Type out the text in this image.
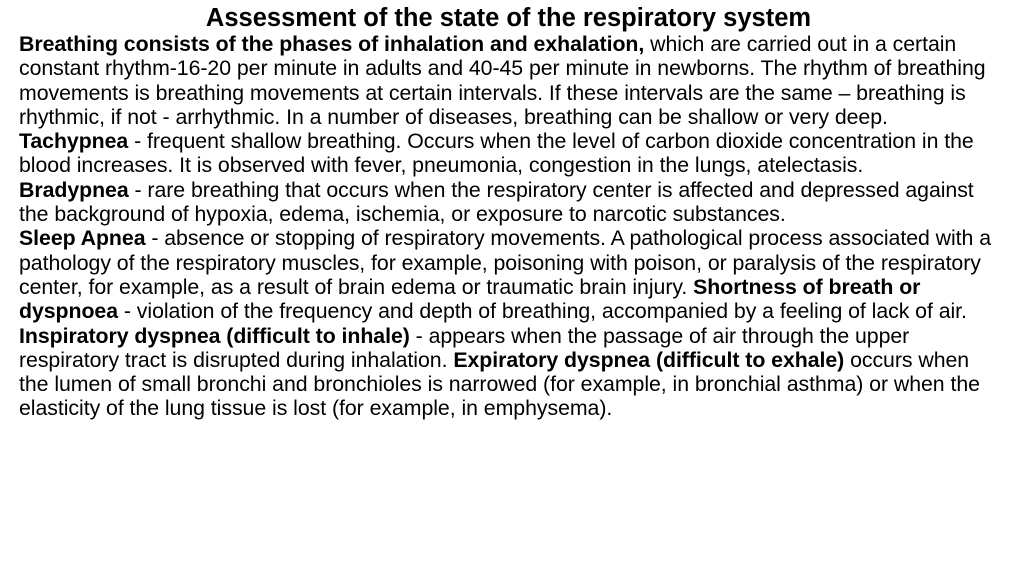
Assessment of the state of the respiratory system
Breathing consists of the phases of inhalation and exhalation, which are carried out in a certain constant rhythm-16-20 per minute in adults and 40-45 per minute in newborns. The rhythm of breathing movements is breathing movements at certain intervals. If these intervals are the same – breathing is rhythmic, if not - arrhythmic. In a number of diseases, breathing can be shallow or very deep.
Tachypnea - frequent shallow breathing. Occurs when the level of carbon dioxide concentration in the blood increases. It is observed with fever, pneumonia, congestion in the lungs, atelectasis.
Bradypnea - rare breathing that occurs when the respiratory center is affected and depressed against the background of hypoxia, edema, ischemia, or exposure to narcotic substances.
Sleep Apnea - absence or stopping of respiratory movements. A pathological process associated with a pathology of the respiratory muscles, for example, poisoning with poison, or paralysis of the respiratory center, for example, as a result of brain edema or traumatic brain injury. Shortness of breath or dyspnoea - violation of the frequency and depth of breathing, accompanied by a feeling of lack of air. Inspiratory dyspnea (difficult to inhale) - appears when the passage of air through the upper respiratory tract is disrupted during inhalation. Expiratory dyspnea (difficult to exhale) occurs when the lumen of small bronchi and bronchioles is narrowed (for example, in bronchial asthma) or when the elasticity of the lung tissue is lost (for example, in emphysema).
